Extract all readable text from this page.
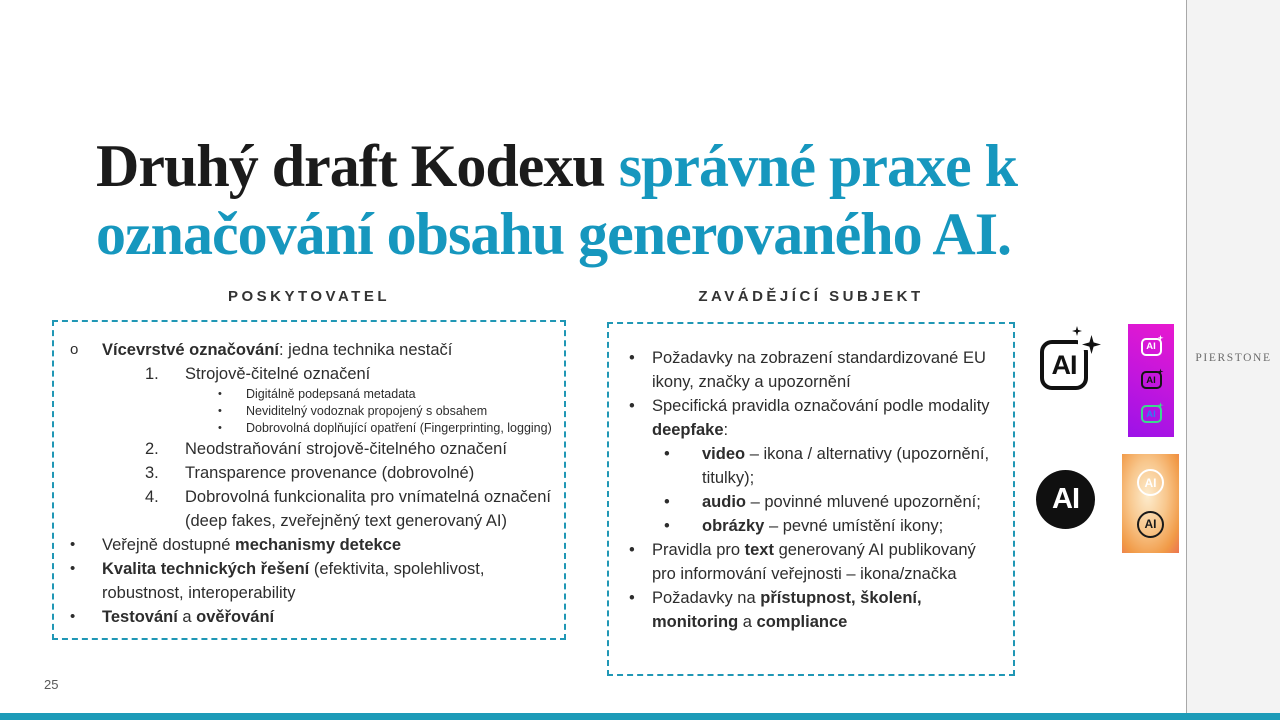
Druhý draft Kodexu správné praxe k
označování obsahu generovaného AI.
POSKYTOVATEL	ZAVÁDĚJÍCÍ SUBJEKT
o	Vícevrstvé označování: jedna technika nestačí
1.	Strojově-čitelné označení
•	Digitálně podepsaná metadata
•	Neviditelný vodoznak propojený s obsahem
•	Dobrovolná doplňující opatření (Fingerprinting, logging)
2.	Neodstraňování strojově-čitelného označení
3.	Transparence provenance (dobrovolné)
4.	Dobrovolná funkcionalita pro vnímatelná označení (deep fakes, zveřejněný text generovaný AI)
•	Veřejně dostupné mechanismy detekce
•	Kvalita technických řešení (efektivita, spolehlivost, robustnost, interoperability
•	Testování a ověřování
•	Požadavky na zobrazení standardizované EU ikony, značky a upozornění
•	Specifická pravidla označování podle modality deepfake:
•	video – ikona / alternativy (upozornění, titulky);
•	audio – povinné mluvené upozornění;
•	obrázky – pevné umístění ikony;
•	Pravidla pro text generovaný AI publikovaný pro informování veřejnosti – ikona/značka
•	Požadavky na přístupnost, školení, monitoring a compliance
AI
AI
AI
AI
AI
AI
AI
PIERSTONE
25
